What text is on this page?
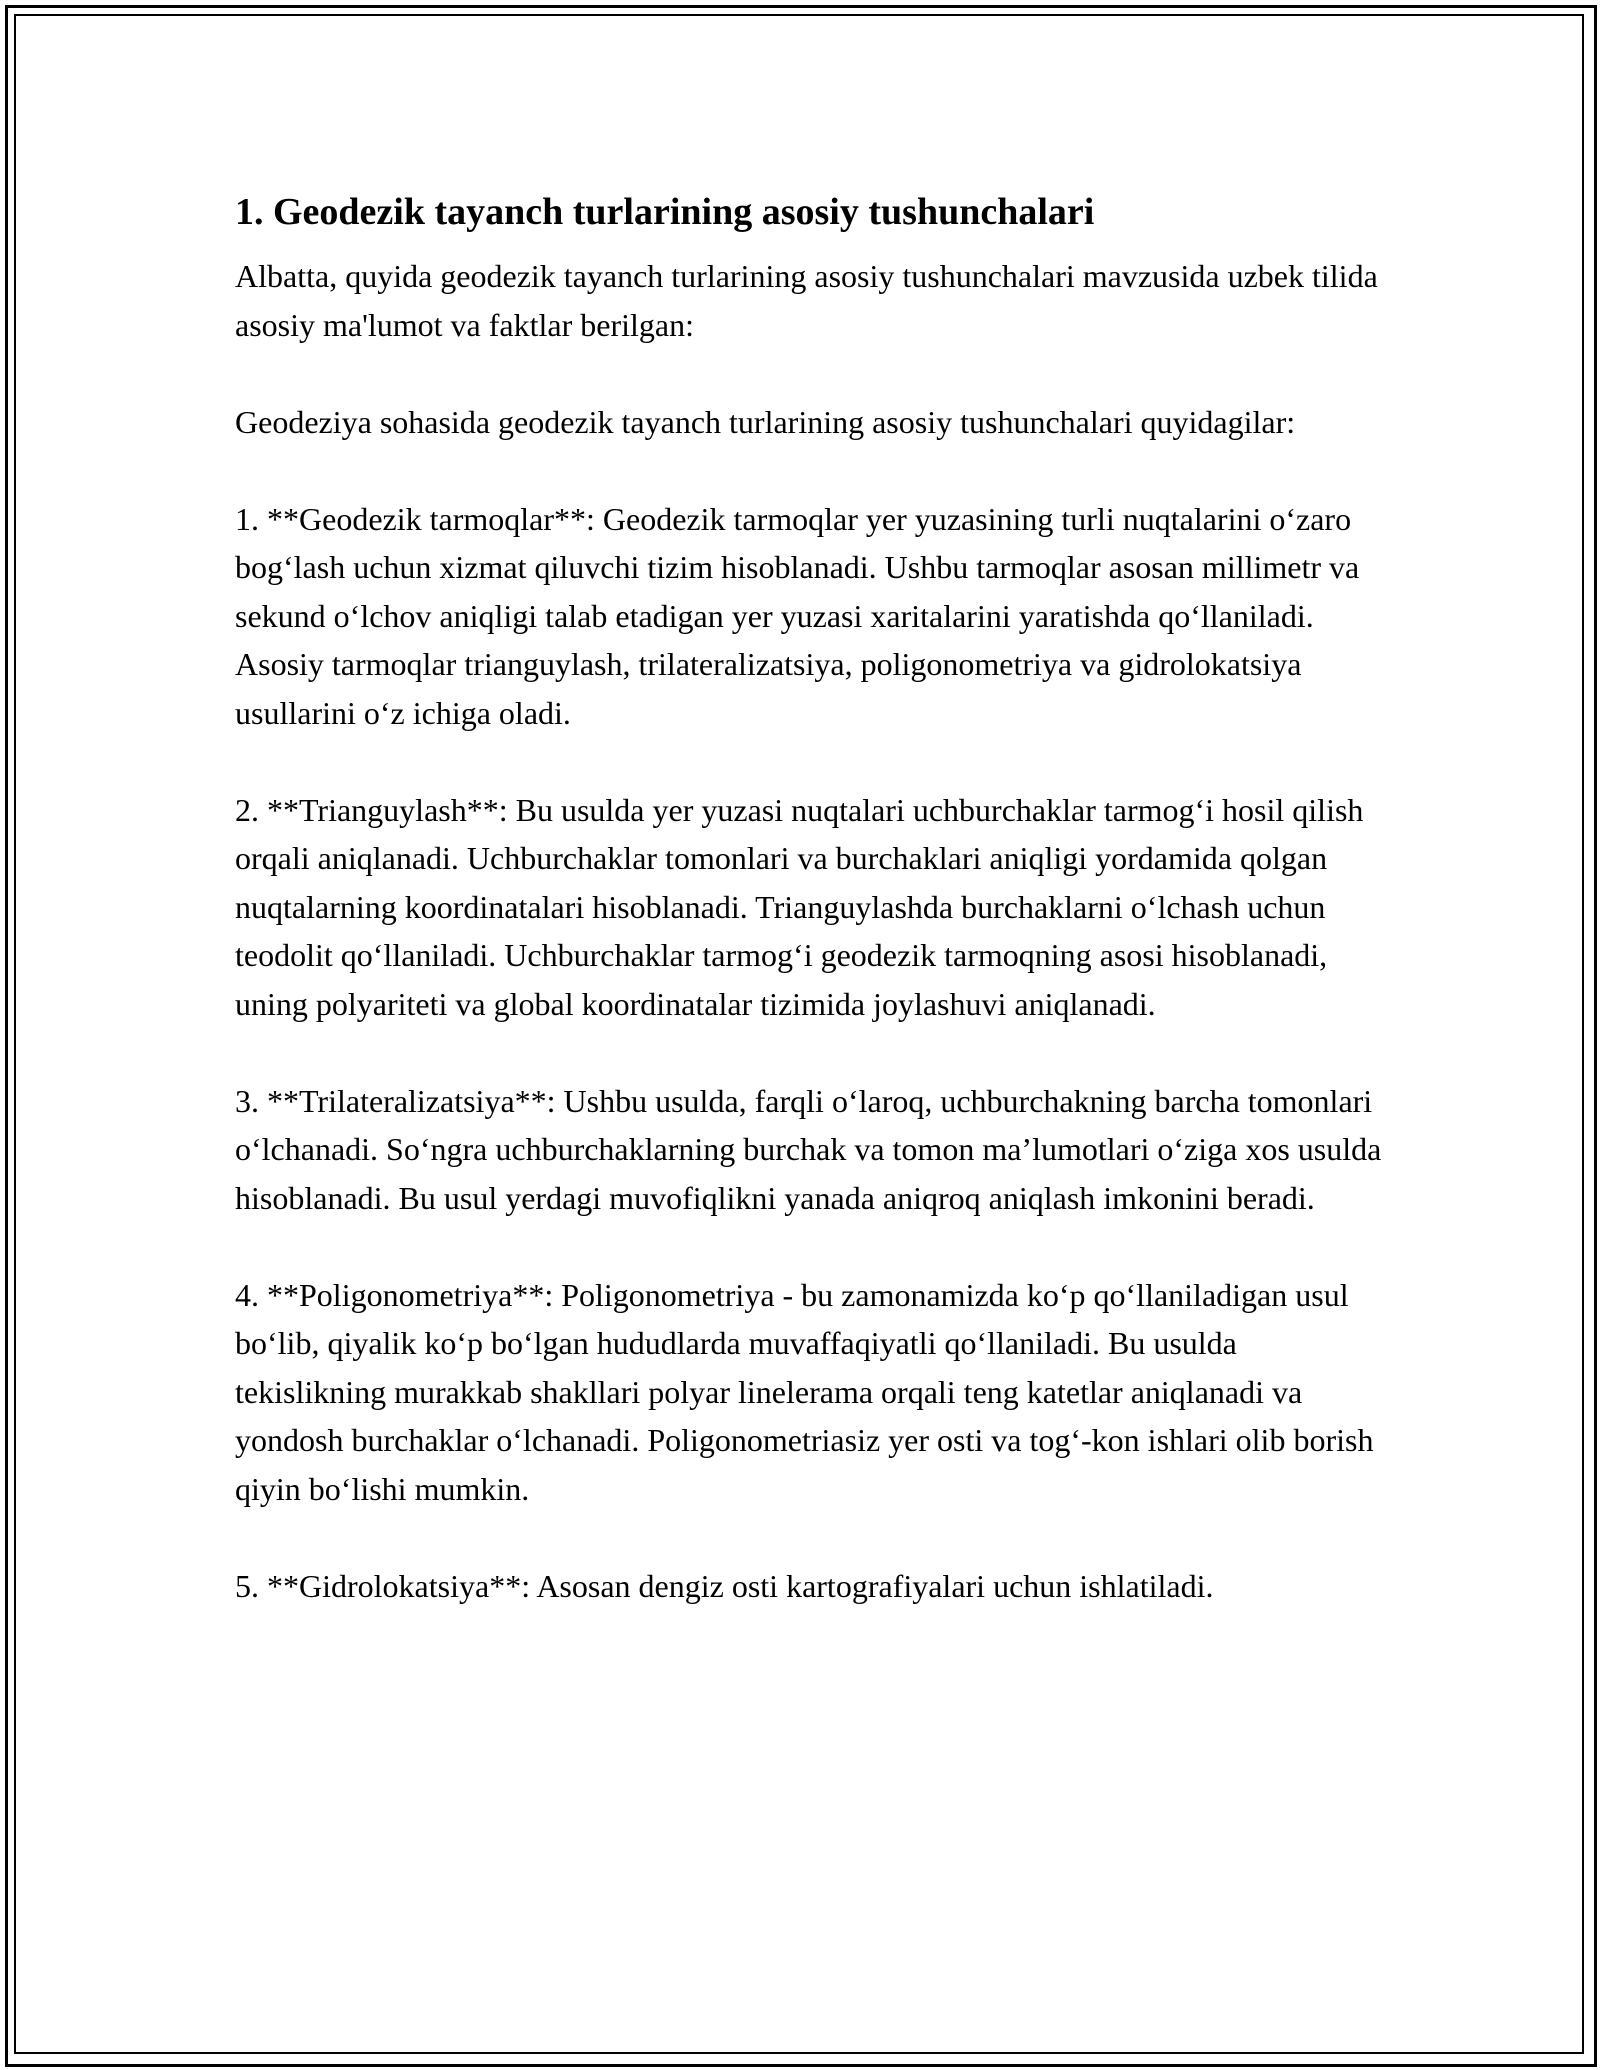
1. Geodezik tayanch turlarining asosiy tushunchalari

Albatta, quyida geodezik tayanch turlarining asosiy tushunchalari mavzusida uzbek tilida asosiy ma'lumot va faktlar berilgan:

Geodeziya sohasida geodezik tayanch turlarining asosiy tushunchalari quyidagilar:

1. **Geodezik tarmoqlar**: Geodezik tarmoqlar yer yuzasining turli nuqtalarini o‘zaro bog‘lash uchun xizmat qiluvchi tizim hisoblanadi. Ushbu tarmoqlar asosan millimetr va sekund o‘lchov aniqligi talab etadigan yer yuzasi xaritalarini yaratishda qo‘llaniladi. Asosiy tarmoqlar trianguylash, trilateralizatsiya, poligonometriya va gidrolokatsiya usullarini o‘z ichiga oladi.

2. **Trianguylash**: Bu usulda yer yuzasi nuqtalari uchburchaklar tarmog‘i hosil qilish orqali aniqlanadi. Uchburchaklar tomonlari va burchaklari aniqligi yordamida qolgan nuqtalarning koordinatalari hisoblanadi. Trianguylashda burchaklarni o‘lchash uchun teodolit qo‘llaniladi. Uchburchaklar tarmog‘i geodezik tarmoqning asosi hisoblanadi, uning polyariteti va global koordinatalar tizimida joylashuvi aniqlanadi.

3. **Trilateralizatsiya**: Ushbu usulda, farqli o‘laroq, uchburchakning barcha tomonlari o‘lchanadi. So‘ngra uchburchaklarning burchak va tomon ma’lumotlari o‘ziga xos usulda hisoblanadi. Bu usul yerdagi muvofiqlikni yanada aniqroq aniqlash imkonini beradi.

4. **Poligonometriya**: Poligonometriya - bu zamonamizda ko‘p qo‘llaniladigan usul bo‘lib, qiyalik ko‘p bo‘lgan hududlarda muvaffaqiyatli qo‘llaniladi. Bu usulda tekislikning murakkab shakllari polyar linelerama orqali teng katetlar aniqlanadi va yondosh burchaklar o‘lchanadi. Poligonometriasiz yer osti va tog‘-kon ishlari olib borish qiyin bo‘lishi mumkin.

5. **Gidrolokatsiya**: Asosan dengiz osti kartografiyalari uchun ishlatiladi.
